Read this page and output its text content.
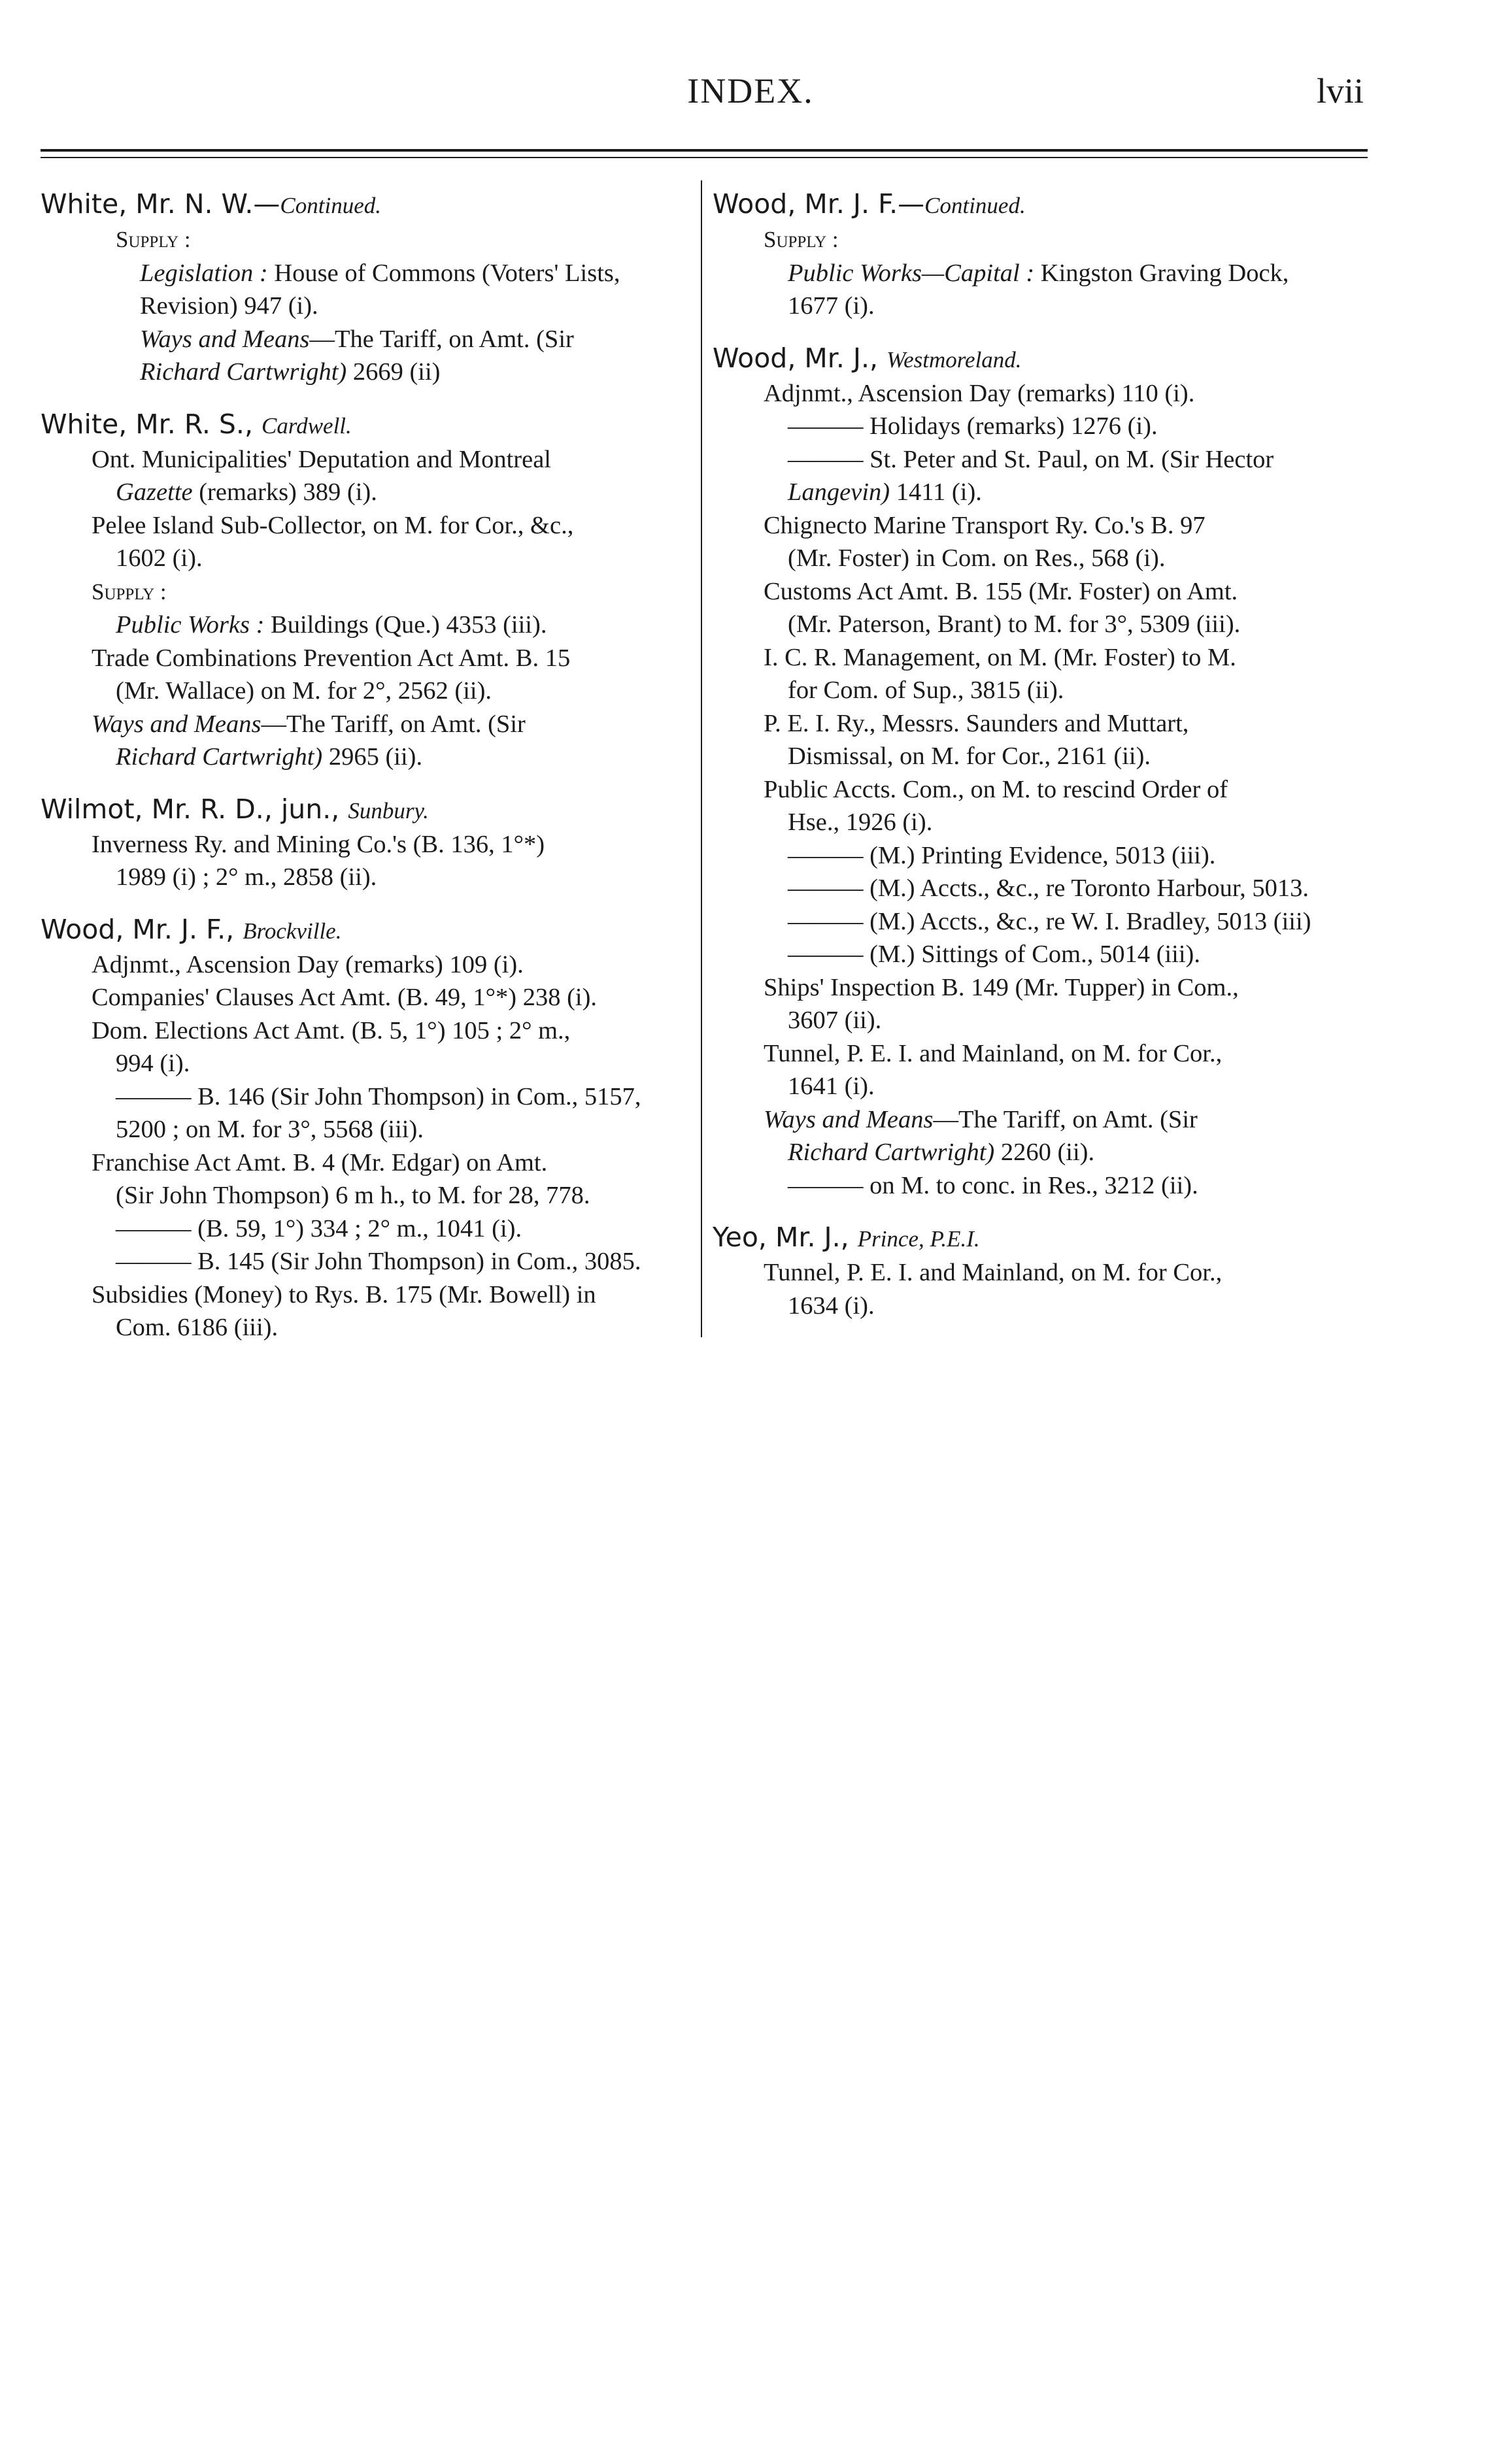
INDEX.	lvii
White, Mr. N. W.—Continued.
Supply :
Legislation : House of Commons (Voters' Lists,
Revision) 947 (i).
Ways and Means—The Tariff, on Amt. (Sir
Richard Cartwright) 2669 (ii)
White, Mr. R. S., Cardwell.
Ont. Municipalities' Deputation and Montreal
Gazette (remarks) 389 (i).
Pelee Island Sub-Collector, on M. for Cor., &c.,
1602 (i).
Supply :
Public Works : Buildings (Que.) 4353 (iii).
Trade Combinations Prevention Act Amt. B. 15
(Mr. Wallace) on M. for 2°, 2562 (ii).
Ways and Means—The Tariff, on Amt. (Sir
Richard Cartwright) 2965 (ii).
Wilmot, Mr. R. D., jun., Sunbury.
Inverness Ry. and Mining Co.'s (B. 136, 1°*)
1989 (i) ; 2° m., 2858 (ii).
Wood, Mr. J. F., Brockville.
Adjnmt., Ascension Day (remarks) 109 (i).
Companies' Clauses Act Amt. (B. 49, 1°*) 238 (i).
Dom. Elections Act Amt. (B. 5, 1°) 105 ; 2° m.,
994 (i).
——— B. 146 (Sir John Thompson) in Com., 5157,
5200 ; on M. for 3°, 5568 (iii).
Franchise Act Amt. B. 4 (Mr. Edgar) on Amt.
(Sir John Thompson) 6 m h., to M. for 28, 778.
——— (B. 59, 1°) 334 ; 2° m., 1041 (i).
——— B. 145 (Sir John Thompson) in Com., 3085.
Subsidies (Money) to Rys. B. 175 (Mr. Bowell) in
Com. 6186 (iii).
Wood, Mr. J. F.—Continued.
Supply :
Public Works—Capital : Kingston Graving Dock,
1677 (i).
Wood, Mr. J., Westmoreland.
Adjnmt., Ascension Day (remarks) 110 (i).
——— Holidays (remarks) 1276 (i).
——— St. Peter and St. Paul, on M. (Sir Hector
Langevin) 1411 (i).
Chignecto Marine Transport Ry. Co.'s B. 97
(Mr. Foster) in Com. on Res., 568 (i).
Customs Act Amt. B. 155 (Mr. Foster) on Amt.
(Mr. Paterson, Brant) to M. for 3°, 5309 (iii).
I. C. R. Management, on M. (Mr. Foster) to M.
for Com. of Sup., 3815 (ii).
P. E. I. Ry., Messrs. Saunders and Muttart,
Dismissal, on M. for Cor., 2161 (ii).
Public Accts. Com., on M. to rescind Order of
Hse., 1926 (i).
——— (M.) Printing Evidence, 5013 (iii).
——— (M.) Accts., &c., re Toronto Harbour, 5013.
——— (M.) Accts., &c., re W. I. Bradley, 5013 (iii)
——— (M.) Sittings of Com., 5014 (iii).
Ships' Inspection B. 149 (Mr. Tupper) in Com.,
3607 (ii).
Tunnel, P. E. I. and Mainland, on M. for Cor.,
1641 (i).
Ways and Means—The Tariff, on Amt. (Sir
Richard Cartwright) 2260 (ii).
——— on M. to conc. in Res., 3212 (ii).
Yeo, Mr. J., Prince, P.E.I.
Tunnel, P. E. I. and Mainland, on M. for Cor.,
1634 (i).
